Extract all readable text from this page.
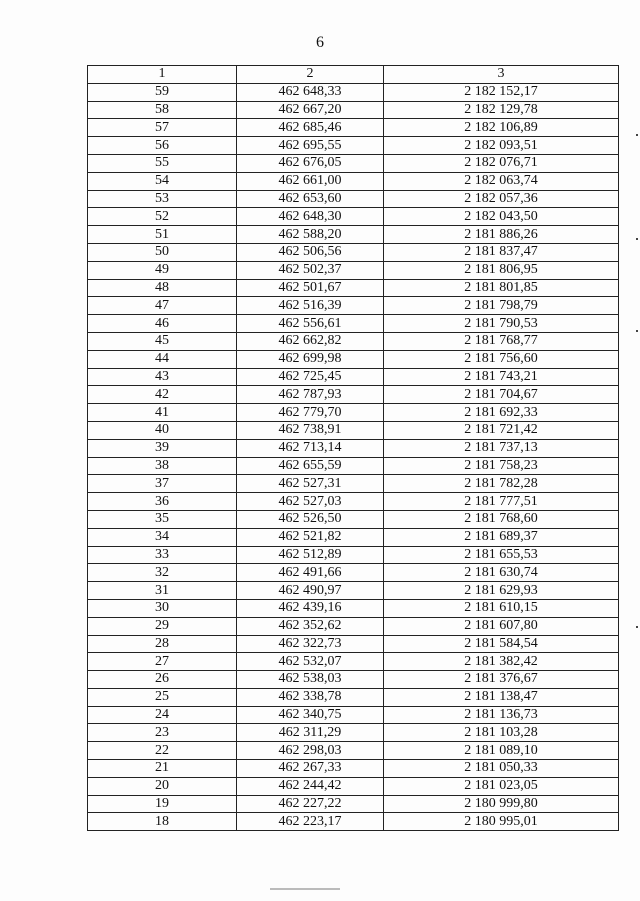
6
1	2	3
59	462 648,33	2 182 152,17
58	462 667,20	2 182 129,78
57	462 685,46	2 182 106,89
56	462 695,55	2 182 093,51
55	462 676,05	2 182 076,71
54	462 661,00	2 182 063,74
53	462 653,60	2 182 057,36
52	462 648,30	2 182 043,50
51	462 588,20	2 181 886,26
50	462 506,56	2 181 837,47
49	462 502,37	2 181 806,95
48	462 501,67	2 181 801,85
47	462 516,39	2 181 798,79
46	462 556,61	2 181 790,53
45	462 662,82	2 181 768,77
44	462 699,98	2 181 756,60
43	462 725,45	2 181 743,21
42	462 787,93	2 181 704,67
41	462 779,70	2 181 692,33
40	462 738,91	2 181 721,42
39	462 713,14	2 181 737,13
38	462 655,59	2 181 758,23
37	462 527,31	2 181 782,28
36	462 527,03	2 181 777,51
35	462 526,50	2 181 768,60
34	462 521,82	2 181 689,37
33	462 512,89	2 181 655,53
32	462 491,66	2 181 630,74
31	462 490,97	2 181 629,93
30	462 439,16	2 181 610,15
29	462 352,62	2 181 607,80
28	462 322,73	2 181 584,54
27	462 532,07	2 181 382,42
26	462 538,03	2 181 376,67
25	462 338,78	2 181 138,47
24	462 340,75	2 181 136,73
23	462 311,29	2 181 103,28
22	462 298,03	2 181 089,10
21	462 267,33	2 181 050,33
20	462 244,42	2 181 023,05
19	462 227,22	2 180 999,80
18	462 223,17	2 180 995,01
